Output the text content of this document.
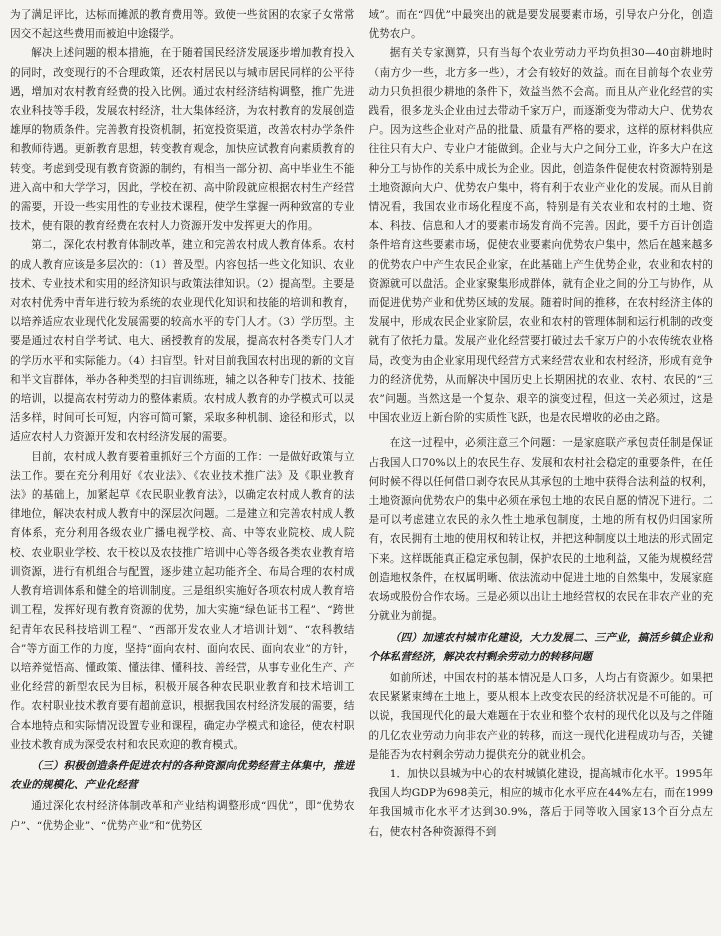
为了满足评比，达标而摊派的教育费用等。致使一些贫困的农家子女常常因交不起这些费用而被迫中途辍学。

解决上述问题的根本措施，在于随着国民经济发展逐步增加教育投入的同时，改变现行的不合理政策，还农村居民以与城市居民同样的公平待遇，增加对农村教育经费的投入比例。通过农村经济结构调整，推广先进农业科技等手段，发展农村经济，壮大集体经济，为农村教育的发展创造雄厚的物质条件。完善教育投资机制，拓宽投资渠道，改善农村办学条件和教师待遇。更新教育思想，转变教育观念，加快应试教育向素质教育的转变。考虑到受现有教育资源的制约，有相当一部分初、高中毕业生不能进入高中和大学学习，因此，学校在初、高中阶段就应根据农村生产经营的需要，开设一些实用性的专业技术课程，使学生掌握一两种致富的专业技术，使有限的教育经费在农村人力资源开发中发挥更大的作用。

第二，深化农村教育体制改革，建立和完善农村成人教育体系。农村的成人教育应该是多层次的：（1）普及型。内容包括一些文化知识、农业技术、专业技术和实用的经济知识与政策法律知识。（2）提高型。主要是对农村优秀中青年进行较为系统的农业现代化知识和技能的培训和教育，以培养适应农业现代化发展需要的较高水平的专门人才。（3）学历型。主要是通过农村自学考试、电大、函授教育的发展，提高农村各类专门人才的学历水平和实际能力。（4）扫盲型。针对目前我国农村出现的新的文盲和半文盲群体，举办各种类型的扫盲训练班，辅之以各种专门技术、技能的培训，以提高农村劳动力的整体素质。农村成人教育的办学模式可以灵活多样，时间可长可短，内容可简可繁，采取多种机制、途径和形式，以适应农村人力资源开发和农村经济发展的需要。

目前，农村成人教育要着重抓好三个方面的工作：一是做好政策与立法工作。要在充分利用好《农业法》、《农业技术推广法》及《职业教育法》的基础上，加紧起草《农民职业教育法》，以确定农村成人教育的法律地位，解决农村成人教育中的深层次问题。二是建立和完善农村成人教育体系，充分利用各级农业广播电视学校、高、中等农业院校、成人院校、农业职业学校、农干校以及农技推广培训中心等各级各类农业教育培训资源，进行有机组合与配置，逐步建立起功能齐全、布局合理的农村成人教育培训体系和健全的培训制度。三是组织实施好各项农村成人教育培训工程，发挥好现有教育资源的优势，加大实施“绿色证书工程”、“跨世纪青年农民科技培训工程”、“西部开发农业人才培训计划”、“农科教结合”等方面工作的力度，坚持“面向农村、面向农民、面向农业”的方针，以培养觉悟高、懂政策、懂法律、懂科技、善经营，从事专业化生产、产业化经营的新型农民为目标，积极开展各种农民职业教育和技术培训工作。农村职业技术教育要有超前意识，根据我国农村经济发展的需要，结合本地特点和实际情况设置专业和课程，确定办学模式和途径，使农村职业技术教育成为深受农村和农民欢迎的教育模式。

（三）积极创造条件促进农村的各种资源向优势经营主体集中，推进农业的规模化、产业化经营

通过深化农村经济体制改革和产业结构调整形成“四优”，即“优势农户”、“优势企业”、“优势产业”和“优势区

域”。而在“四优”中最突出的就是要发展要素市场，引导农户分化，创造优势农户。

据有关专家测算，只有当每个农业劳动力平均负担30—40亩耕地时（南方少一些，北方多一些），才会有较好的效益。而在目前每个农业劳动力只负担很少耕地的条件下，效益当然不会高。而且从产业化经营的实践看，很多龙头企业由过去带动千家万户，而逐渐变为带动大户、优势农户。因为这些企业对产品的批量、质量有严格的要求，这样的原材料供应往往只有大户、专业户才能做到。企业与大户之间分工业，许多大户在这种分工与协作的关系中成长为企业。因此，创造条件促使农村资源特别是土地资源向大户、优势农户集中，将有利于农业产业化的发展。而从目前情况看，我国农业市场化程度不高，特别是有关农业和农村的土地、资本、科技、信息和人才的要素市场发育尚不完善。因此，要千方百计创造条件培育这些要素市场，促使农业要素向优势农户集中，然后在越来越多的优势农户中产生农民企业家，在此基础上产生优势企业，农业和农村的资源就可以盘活。企业家聚集形成群体，就有企业之间的分工与协作，从而促进优势产业和优势区域的发展。随着时间的推移，在农村经济主体的发展中，形成农民企业家阶层，农业和农村的管理体制和运行机制的改变就有了依托力量。发展产业化经营要打破过去千家万户的小农传统农业格局，改变为由企业家用现代经营方式来经营农业和农村经济，形成有竞争力的经济优势，从而解决中国历史上长期困扰的农业、农村、农民的“三农”问题。当然这是一个复杂、艰辛的演变过程，但这一关必须过，这是中国农业迈上新台阶的实质性飞跃，也是农民增收的必由之路。

在这一过程中，必须注意三个问题：一是家庭联产承包责任制是保证占我国人口70%以上的农民生存、发展和农村社会稳定的重要条件，在任何时候不得以任何借口剥夺农民从其承包的土地中获得合法利益的权利，土地资源向优势农户的集中必须在承包土地的农民自愿的情况下进行。二是可以考虑建立农民的永久性土地承包制度，土地的所有权仍归国家所有，农民拥有土地的使用权和转让权，并把这种制度以土地法的形式固定下来。这样既能真正稳定承包制，保护农民的土地利益，又能为规模经营创造地权条件，在权属明晰、依法流动中促进土地的自然集中，发展家庭农场或股份合作农场。三是必须以出让土地经营权的农民在非农产业的充分就业为前提。

（四）加速农村城市化建设，大力发展二、三产业，搞活乡镇企业和个体私营经济，解决农村剩余劳动力的转移问题

如前所述，中国农村的基本情况是人口多，人均占有资源少。如果把农民紧紧束缚在土地上，要从根本上改变农民的经济状况是不可能的。可以说，我国现代化的最大难题在于农业和整个农村的现代化以及与之伴随的几亿农业劳动力向非农产业的转移，而这一现代化进程成功与否，关键是能否为农村剩余劳动力提供充分的就业机会。

1．加快以县城为中心的农村城镇化建设，提高城市化水平。1995年我国人均GDP为698美元，相应的城市化水平应在44%左右，而在1999年我国城市化水平才达到30.9%，落后于同等收入国家13个百分点左右，使农村各种资源得不到
